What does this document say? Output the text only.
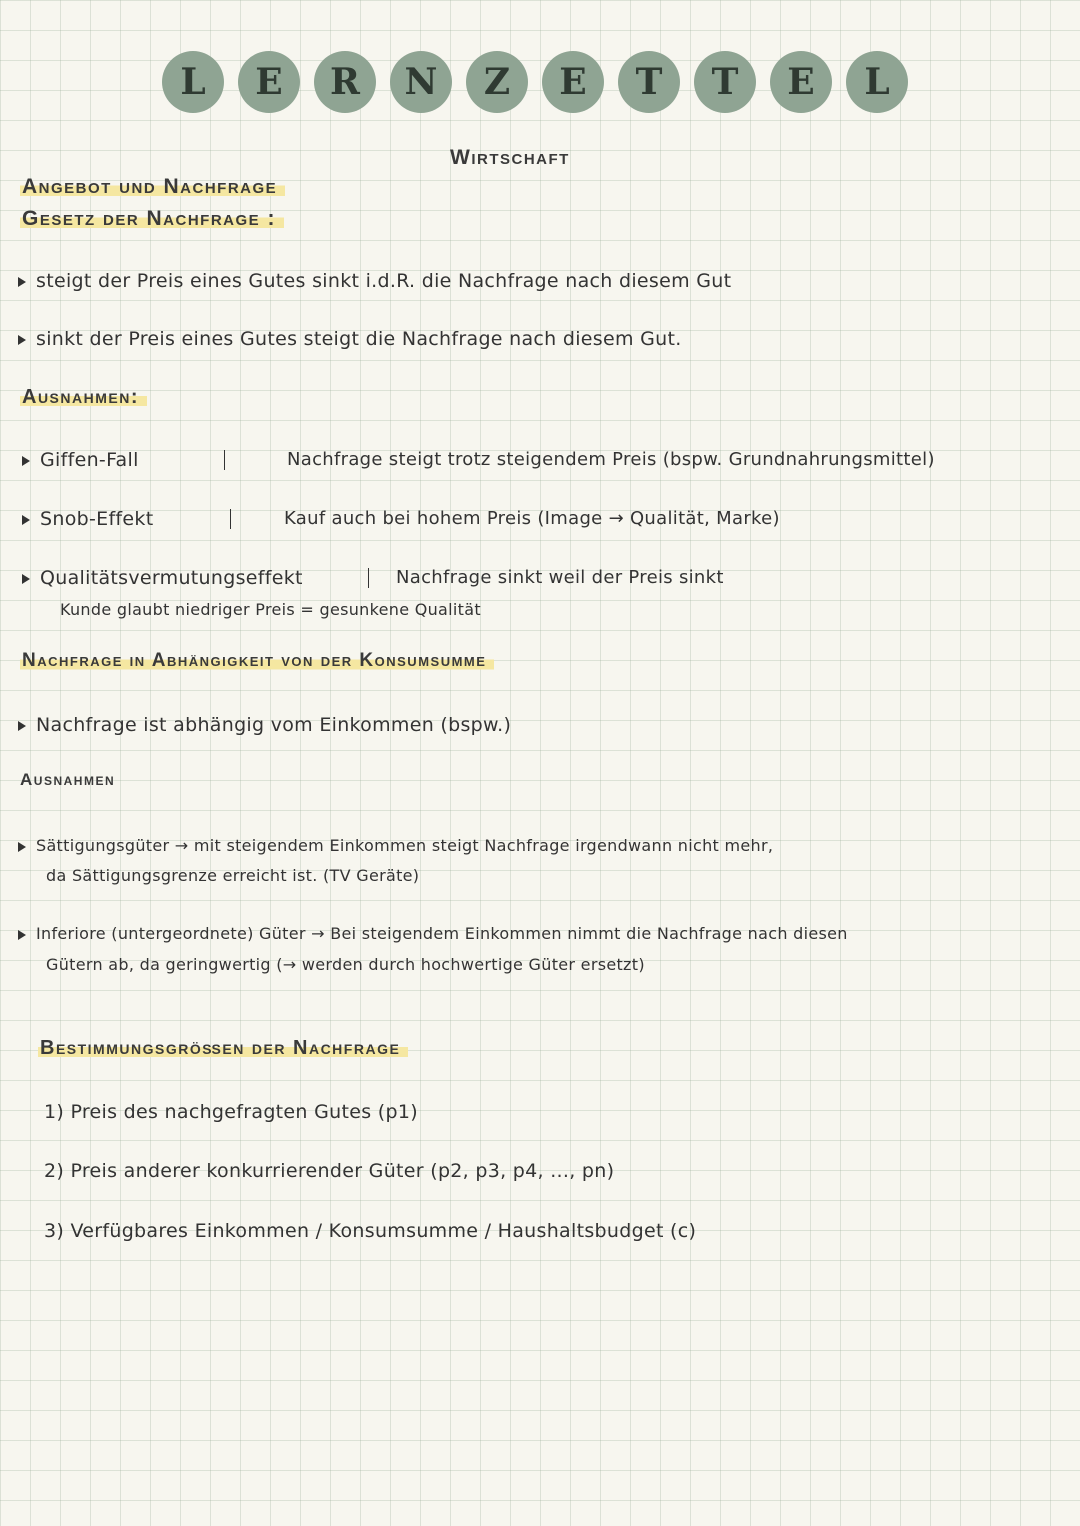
L	E	R	N	Z	E	T	T	E	L
Wirtschaft
Angebot und Nachfrage
Gesetz der Nachfrage :
steigt der Preis eines Gutes sinkt i.d.R. die Nachfrage nach diesem Gut
sinkt der Preis eines Gutes steigt die Nachfrage nach diesem Gut.
Ausnahmen:
Giffen-Fall	Nachfrage steigt trotz steigendem Preis (bspw. Grundnahrungsmittel)
Snob-Effekt	Kauf auch bei hohem Preis (Image → Qualität, Marke)
Qualitätsvermutungseffekt	Nachfrage sinkt weil der Preis sinkt
Kunde glaubt niedriger Preis = gesunkene Qualität
Nachfrage in Abhängigkeit von der Konsumsumme
Nachfrage ist abhängig vom Einkommen (bspw.)
Ausnahmen
Sättigungsgüter → mit steigendem Einkommen steigt Nachfrage irgendwann nicht mehr,
da Sättigungsgrenze erreicht ist. (TV Geräte)
Inferiore (untergeordnete) Güter → Bei steigendem Einkommen nimmt die Nachfrage nach diesen
Gütern ab, da geringwertig (→ werden durch hochwertige Güter ersetzt)
Bestimmungsgrößen der Nachfrage
1) Preis des nachgefragten Gutes (p1)
2) Preis anderer konkurrierender Güter (p2, p3, p4, ..., pn)
3) Verfügbares Einkommen / Konsumsumme / Haushaltsbudget (c)
